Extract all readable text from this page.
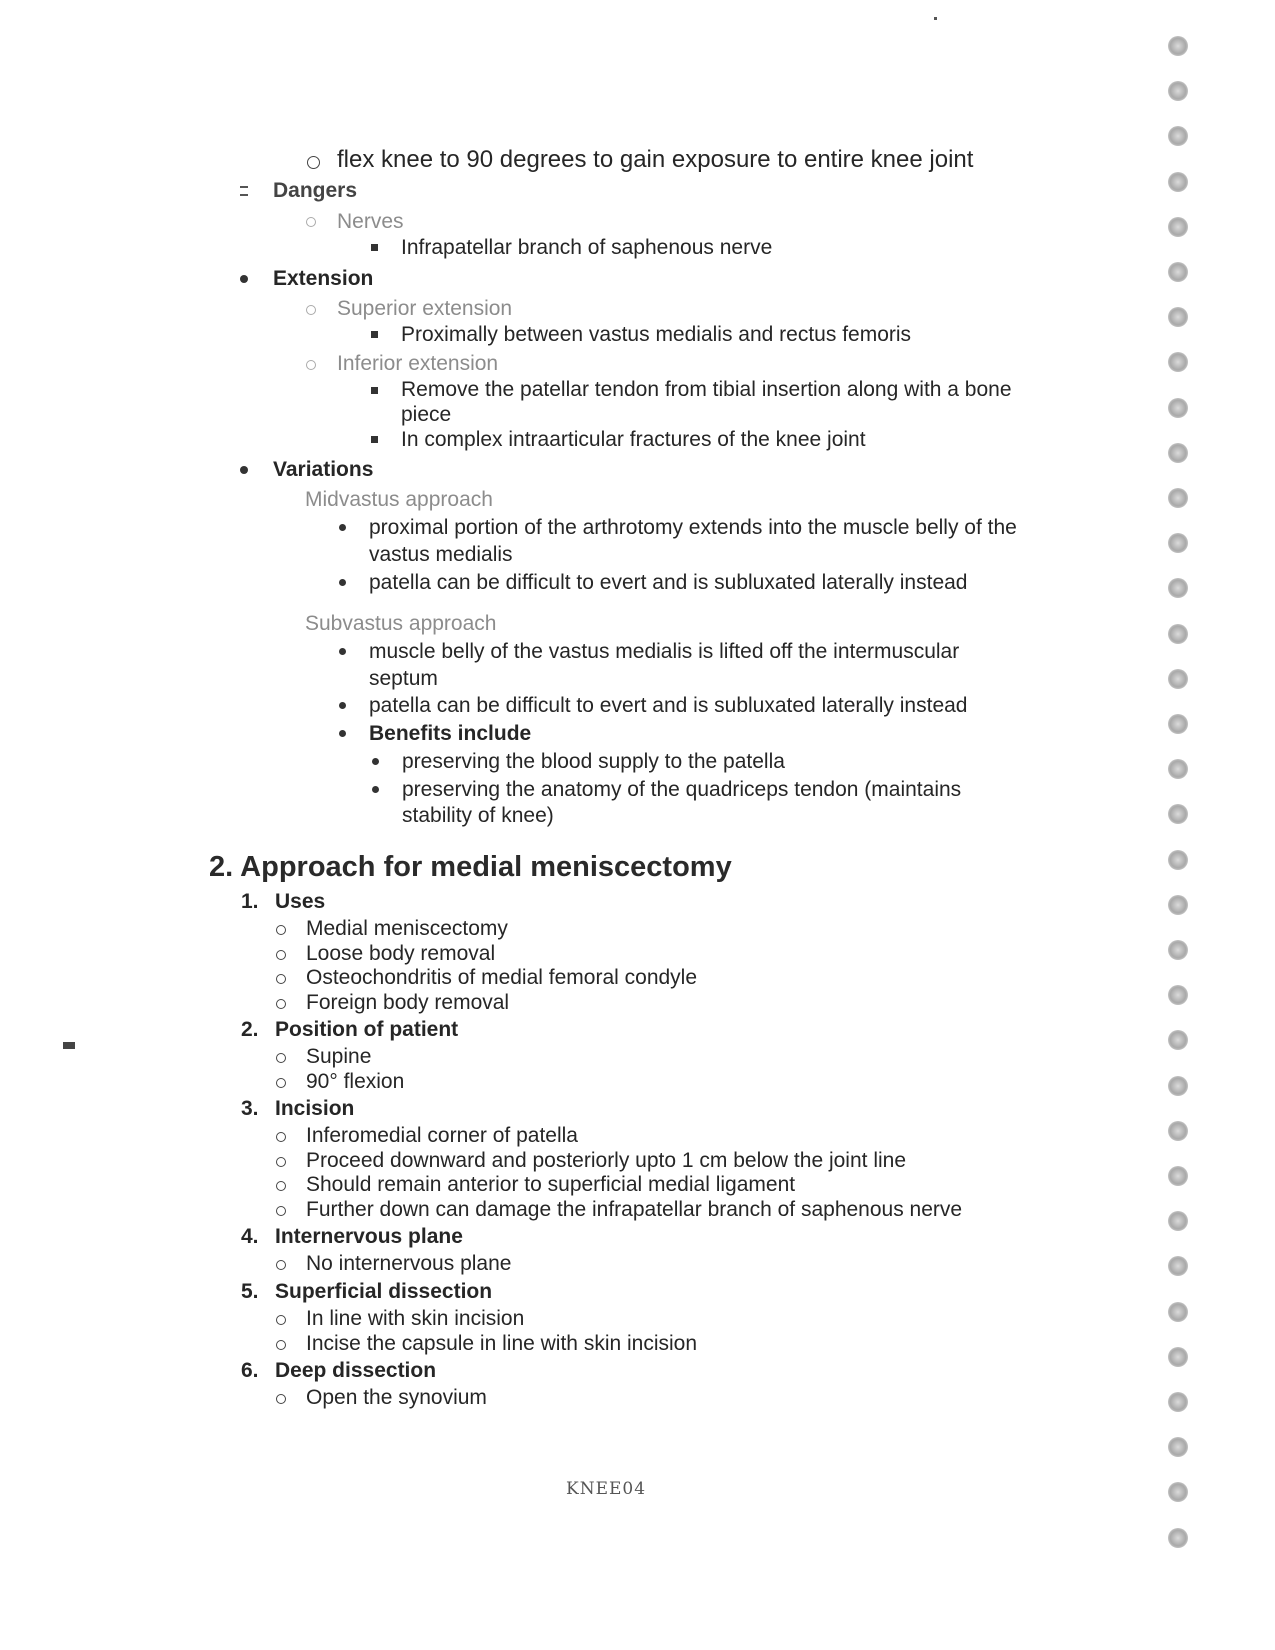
flex knee to 90 degrees to gain exposure to entire knee joint
Dangers
Nerves
Infrapatellar branch of saphenous nerve
Extension
Superior extension
Proximally between vastus medialis and rectus femoris
Inferior extension
Remove the patellar tendon from tibial insertion along with a bone
piece
In complex intraarticular fractures of the knee joint
Variations
Midvastus approach
proximal portion of the arthrotomy extends into the muscle belly of the
vastus medialis
patella can be difficult to evert and is subluxated laterally instead
Subvastus approach
muscle belly of the vastus medialis is lifted off the intermuscular
septum
patella can be difficult to evert and is subluxated laterally instead
Benefits include
preserving the blood supply to the patella
preserving the anatomy of the quadriceps tendon (maintains
stability of knee)
2. Approach for medial meniscectomy
1. Uses
Medial meniscectomy
Loose body removal
Osteochondritis of medial femoral condyle
Foreign body removal
2. Position of patient
Supine
90° flexion
3. Incision
Inferomedial corner of patella
Proceed downward and posteriorly upto 1 cm below the joint line
Should remain anterior to superficial medial ligament
Further down can damage the infrapatellar branch of saphenous nerve
4. Internervous plane
No internervous plane
5. Superficial dissection
In line with skin incision
Incise the capsule in line with skin incision
6. Deep dissection
Open the synovium
KNEE04
